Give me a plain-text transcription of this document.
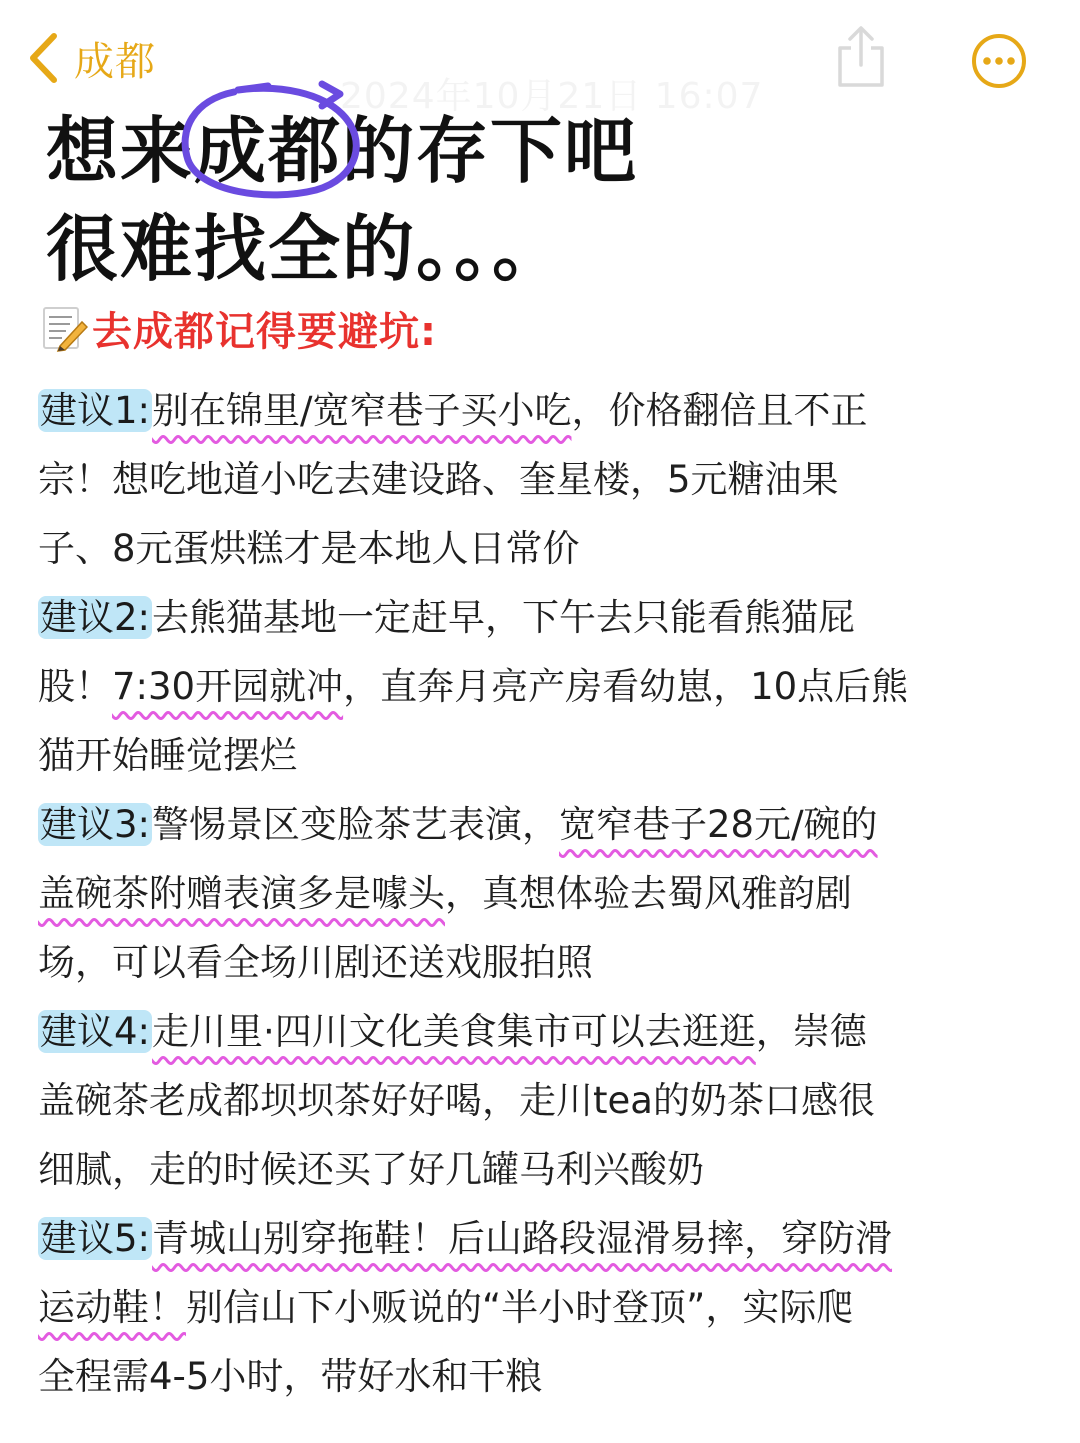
成都
2024年10月21日 16:07
想来成都
的存下吧
很难找全的。。。
去成都记得要避坑:
建议1:别在锦里/宽窄巷子买小吃，价格翻倍且不正
宗！想吃地道小吃去建设路、奎星楼，5元糖油果
子、8元蛋烘糕才是本地人日常价
建议2:去熊猫基地一定赶早，下午去只能看熊猫屁
股！7:30开园就冲，直奔月亮产房看幼崽，10点后熊
猫开始睡觉摆烂
建议3:警惕景区变脸茶艺表演，宽窄巷子28元/碗的
盖碗茶附赠表演多是噱头，真想体验去蜀风雅韵剧
场，可以看全场川剧还送戏服拍照
建议4:走川里·四川文化美食集市可以去逛逛，崇德
盖碗茶老成都坝坝茶好好喝，走川tea的奶茶口感很
细腻，走的时候还买了好几罐马利兴酸奶
建议5:青城山别穿拖鞋！后山路段湿滑易摔，穿防滑
运动鞋！别信山下小贩说的“半小时登顶”，实际爬
全程需4-5小时，带好水和干粮
